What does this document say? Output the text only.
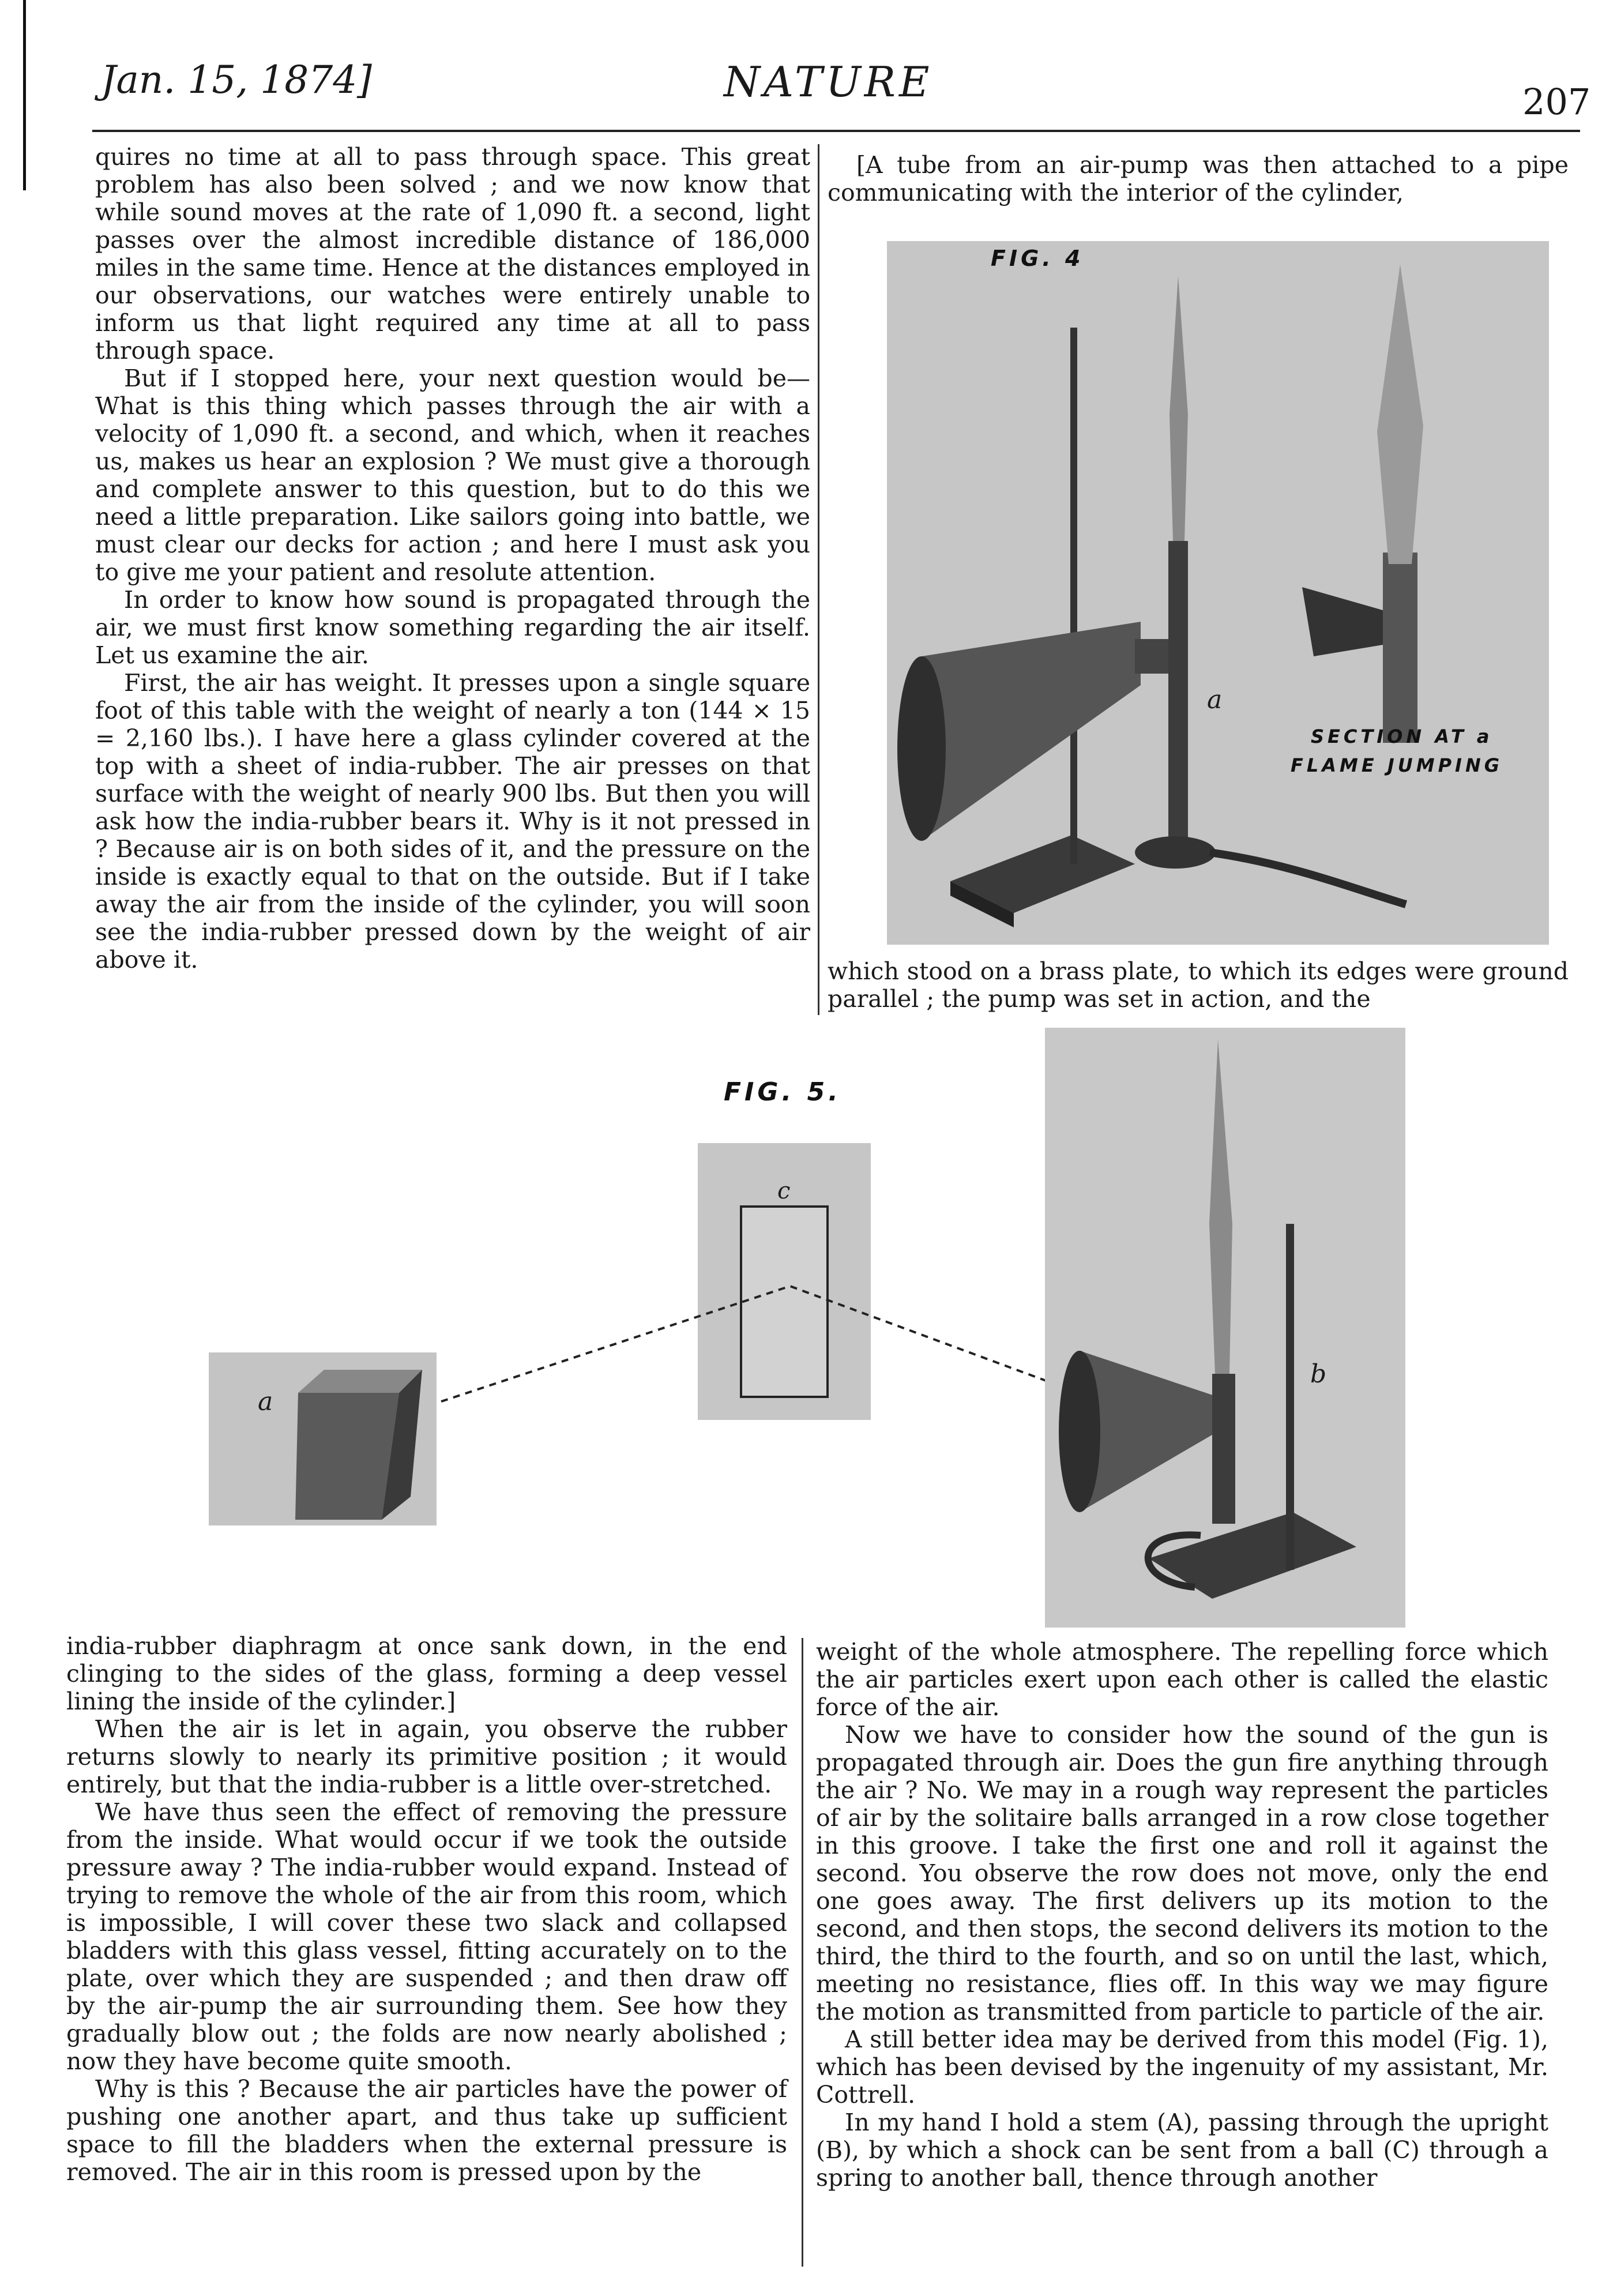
Jan. 15, 1874]	NATURE	207

quires no time at all to pass through space. This great problem has also been solved ; and we now know that while sound moves at the rate of 1,090 ft. a second, light passes over the almost incredible distance of 186,000 miles in the same time. Hence at the distances employed in our observations, our watches were entirely unable to inform us that light required any time at all to pass through space.

But if I stopped here, your next question would be—What is this thing which passes through the air with a velocity of 1,090 ft. a second, and which, when it reaches us, makes us hear an explosion ? We must give a thorough and complete answer to this question, but to do this we need a little preparation. Like sailors going into battle, we must clear our decks for action ; and here I must ask you to give me your patient and resolute attention.

In order to know how sound is propagated through the air, we must first know something regarding the air itself. Let us examine the air.

First, the air has weight. It presses upon a single square foot of this table with the weight of nearly a ton (144 × 15 = 2,160 lbs.). I have here a glass cylinder covered at the top with a sheet of india-rubber. The air presses on that surface with the weight of nearly 900 lbs. But then you will ask how the india-rubber bears it. Why is it not pressed in ? Because air is on both sides of it, and the pressure on the inside is exactly equal to that on the outside. But if I take away the air from the inside of the cylinder, you will soon see the india-rubber pressed down by the weight of air above it.

[A tube from an air-pump was then attached to a pipe communicating with the interior of the cylinder,

FIG. 4
a
SECTION AT a
FLAME JUMPING

which stood on a brass plate, to which its edges were ground parallel ; the pump was set in action, and the

FIG. 5.
a
c
b

india-rubber diaphragm at once sank down, in the end clinging to the sides of the glass, forming a deep vessel lining the inside of the cylinder.]

When the air is let in again, you observe the rubber returns slowly to nearly its primitive position ; it would entirely, but that the india-rubber is a little over-stretched.

We have thus seen the effect of removing the pressure from the inside. What would occur if we took the outside pressure away ? The india-rubber would expand. Instead of trying to remove the whole of the air from this room, which is impossible, I will cover these two slack and collapsed bladders with this glass vessel, fitting accurately on to the plate, over which they are suspended ; and then draw off by the air-pump the air surrounding them. See how they gradually blow out ; the folds are now nearly abolished ; now they have become quite smooth.

Why is this ? Because the air particles have the power of pushing one another apart, and thus take up sufficient space to fill the bladders when the external pressure is removed. The air in this room is pressed upon by the

weight of the whole atmosphere. The repelling force which the air particles exert upon each other is called the elastic force of the air.

Now we have to consider how the sound of the gun is propagated through air. Does the gun fire anything through the air ? No. We may in a rough way represent the particles of air by the solitaire balls arranged in a row close together in this groove. I take the first one and roll it against the second. You observe the row does not move, only the end one goes away. The first delivers up its motion to the second, and then stops, the second delivers its motion to the third, the third to the fourth, and so on until the last, which, meeting no resistance, flies off. In this way we may figure the motion as transmitted from particle to particle of the air.

A still better idea may be derived from this model (Fig. 1), which has been devised by the ingenuity of my assistant, Mr. Cottrell.

In my hand I hold a stem (A), passing through the upright (B), by which a shock can be sent from a ball (C) through a spring to another ball, thence through another
